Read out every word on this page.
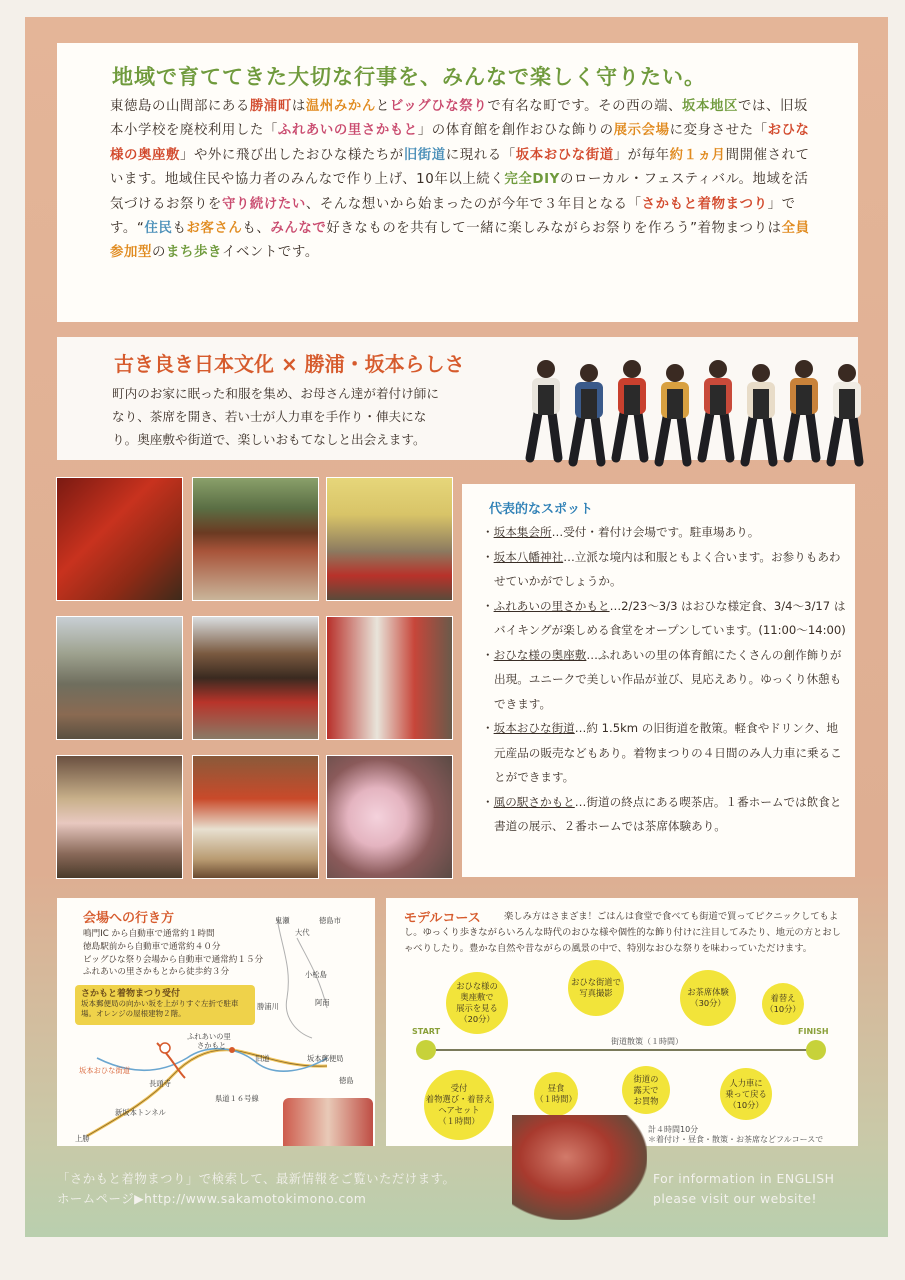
地域で育ててきた大切な行事を、みんなで楽しく守りたい。
東徳島の山間部にある勝浦町は温州みかんとビッグひな祭りで有名な町です。その西の端、坂本地区では、旧坂本小学校を廃校利用した「ふれあいの里さかもと」の体育館を創作おひな飾りの展示会場に変身させた「おひな様の奥座敷」や外に飛び出したおひな様たちが旧街道に現れる「坂本おひな街道」が毎年約１ヵ月間開催されています。地域住民や協力者のみんなで作り上げ、10年以上続く完全DIYのローカル・フェスティバル。地域を活気づけるお祭りを守り続けたい、そんな想いから始まったのが今年で３年目となる「さかもと着物まつり」です。“住民もお客さんも、みんなで好きなものを共有して一緒に楽しみながらお祭りを作ろう”着物まつりは全員参加型のまち歩きイベントです。
古き良き日本文化 × 勝浦・坂本らしさ
町内のお家に眠った和服を集め、お母さん達が着付け師になり、茶席を開き、若い士が人力車を手作り・俥夫になり。奥座敷や街道で、楽しいおもてなしと出会えます。
代表的なスポット
・坂本集会所…受付・着付け会場です。駐車場あり。
・坂本八幡神社…立派な境内は和服ともよく合います。お参りもあわせていかがでしょうか。
・ふれあいの里さかもと…2/23〜3/3 はおひな様定食、3/4〜3/17 はバイキングが楽しめる食堂をオープンしています。(11:00〜14:00)
・おひな様の奥座敷…ふれあいの里の体育館にたくさんの創作飾りが出現。ユニークで美しい作品が並び、見応えあり。ゆっくり休憩もできます。
・坂本おひな街道…約 1.5km の旧街道を散策。軽食やドリンク、地元産品の販売などもあり。着物まつりの４日間のみ人力車に乗ることができます。
・風の駅さかもと…街道の終点にある喫茶店。１番ホームでは飲食と書道の展示、２番ホームでは茶席体験あり。
会場への行き方
鳴門IC から自動車で通常約１時間
徳島駅前から自動車で通常約４０分
ビッグひな祭り会場から自動車で通常約１５分
ふれあいの里さかもとから徒歩約３分
さかもと着物まつり受付
坂本郵便局の向かい坂を上がりすぐ左折で駐車場。オレンジの屋根建物２階。
ふれあいの里
さかもと
旧道	坂本郵便局
坂本おひな街道
長頭寺
県道１６号線
新坂本トンネル
徳島
上勝
勝浦川
小松島
大代
鬼瀬	徳島市
阿南
モデルコース	楽しみ方はさまざま！ごはんは食堂で食べても街道で買ってピクニックしてもよし。ゆっくり歩きながらいろんな時代のおひな様や個性的な飾り付けに注目してみたり、地元の方とおしゃべりしたり。豊かな自然や昔ながらの風景の中で、特別なおひな祭りを味わっていただけます。
START	FINISH
街道散策（１時間）
おひな様の
奥座敷で
展示を見る
（20分）
おひな街道で
写真撮影	お茶席体験
（30分）	着替え
（10分）
受付
着物選び・着替え
ヘアセット
（１時間）
昼食
（１時間）
街道の
露天で
お買物
人力車に
乗って戻る
（10分）
計４時間10分
＊着付け・昼食・散策・お茶席などフルコースで
「さかもと着物まつり」で検索して、最新情報をご覧いただけます。
ホームページ▶http://www.sakamotokimono.com
For information in ENGLISH
please visit our website!
